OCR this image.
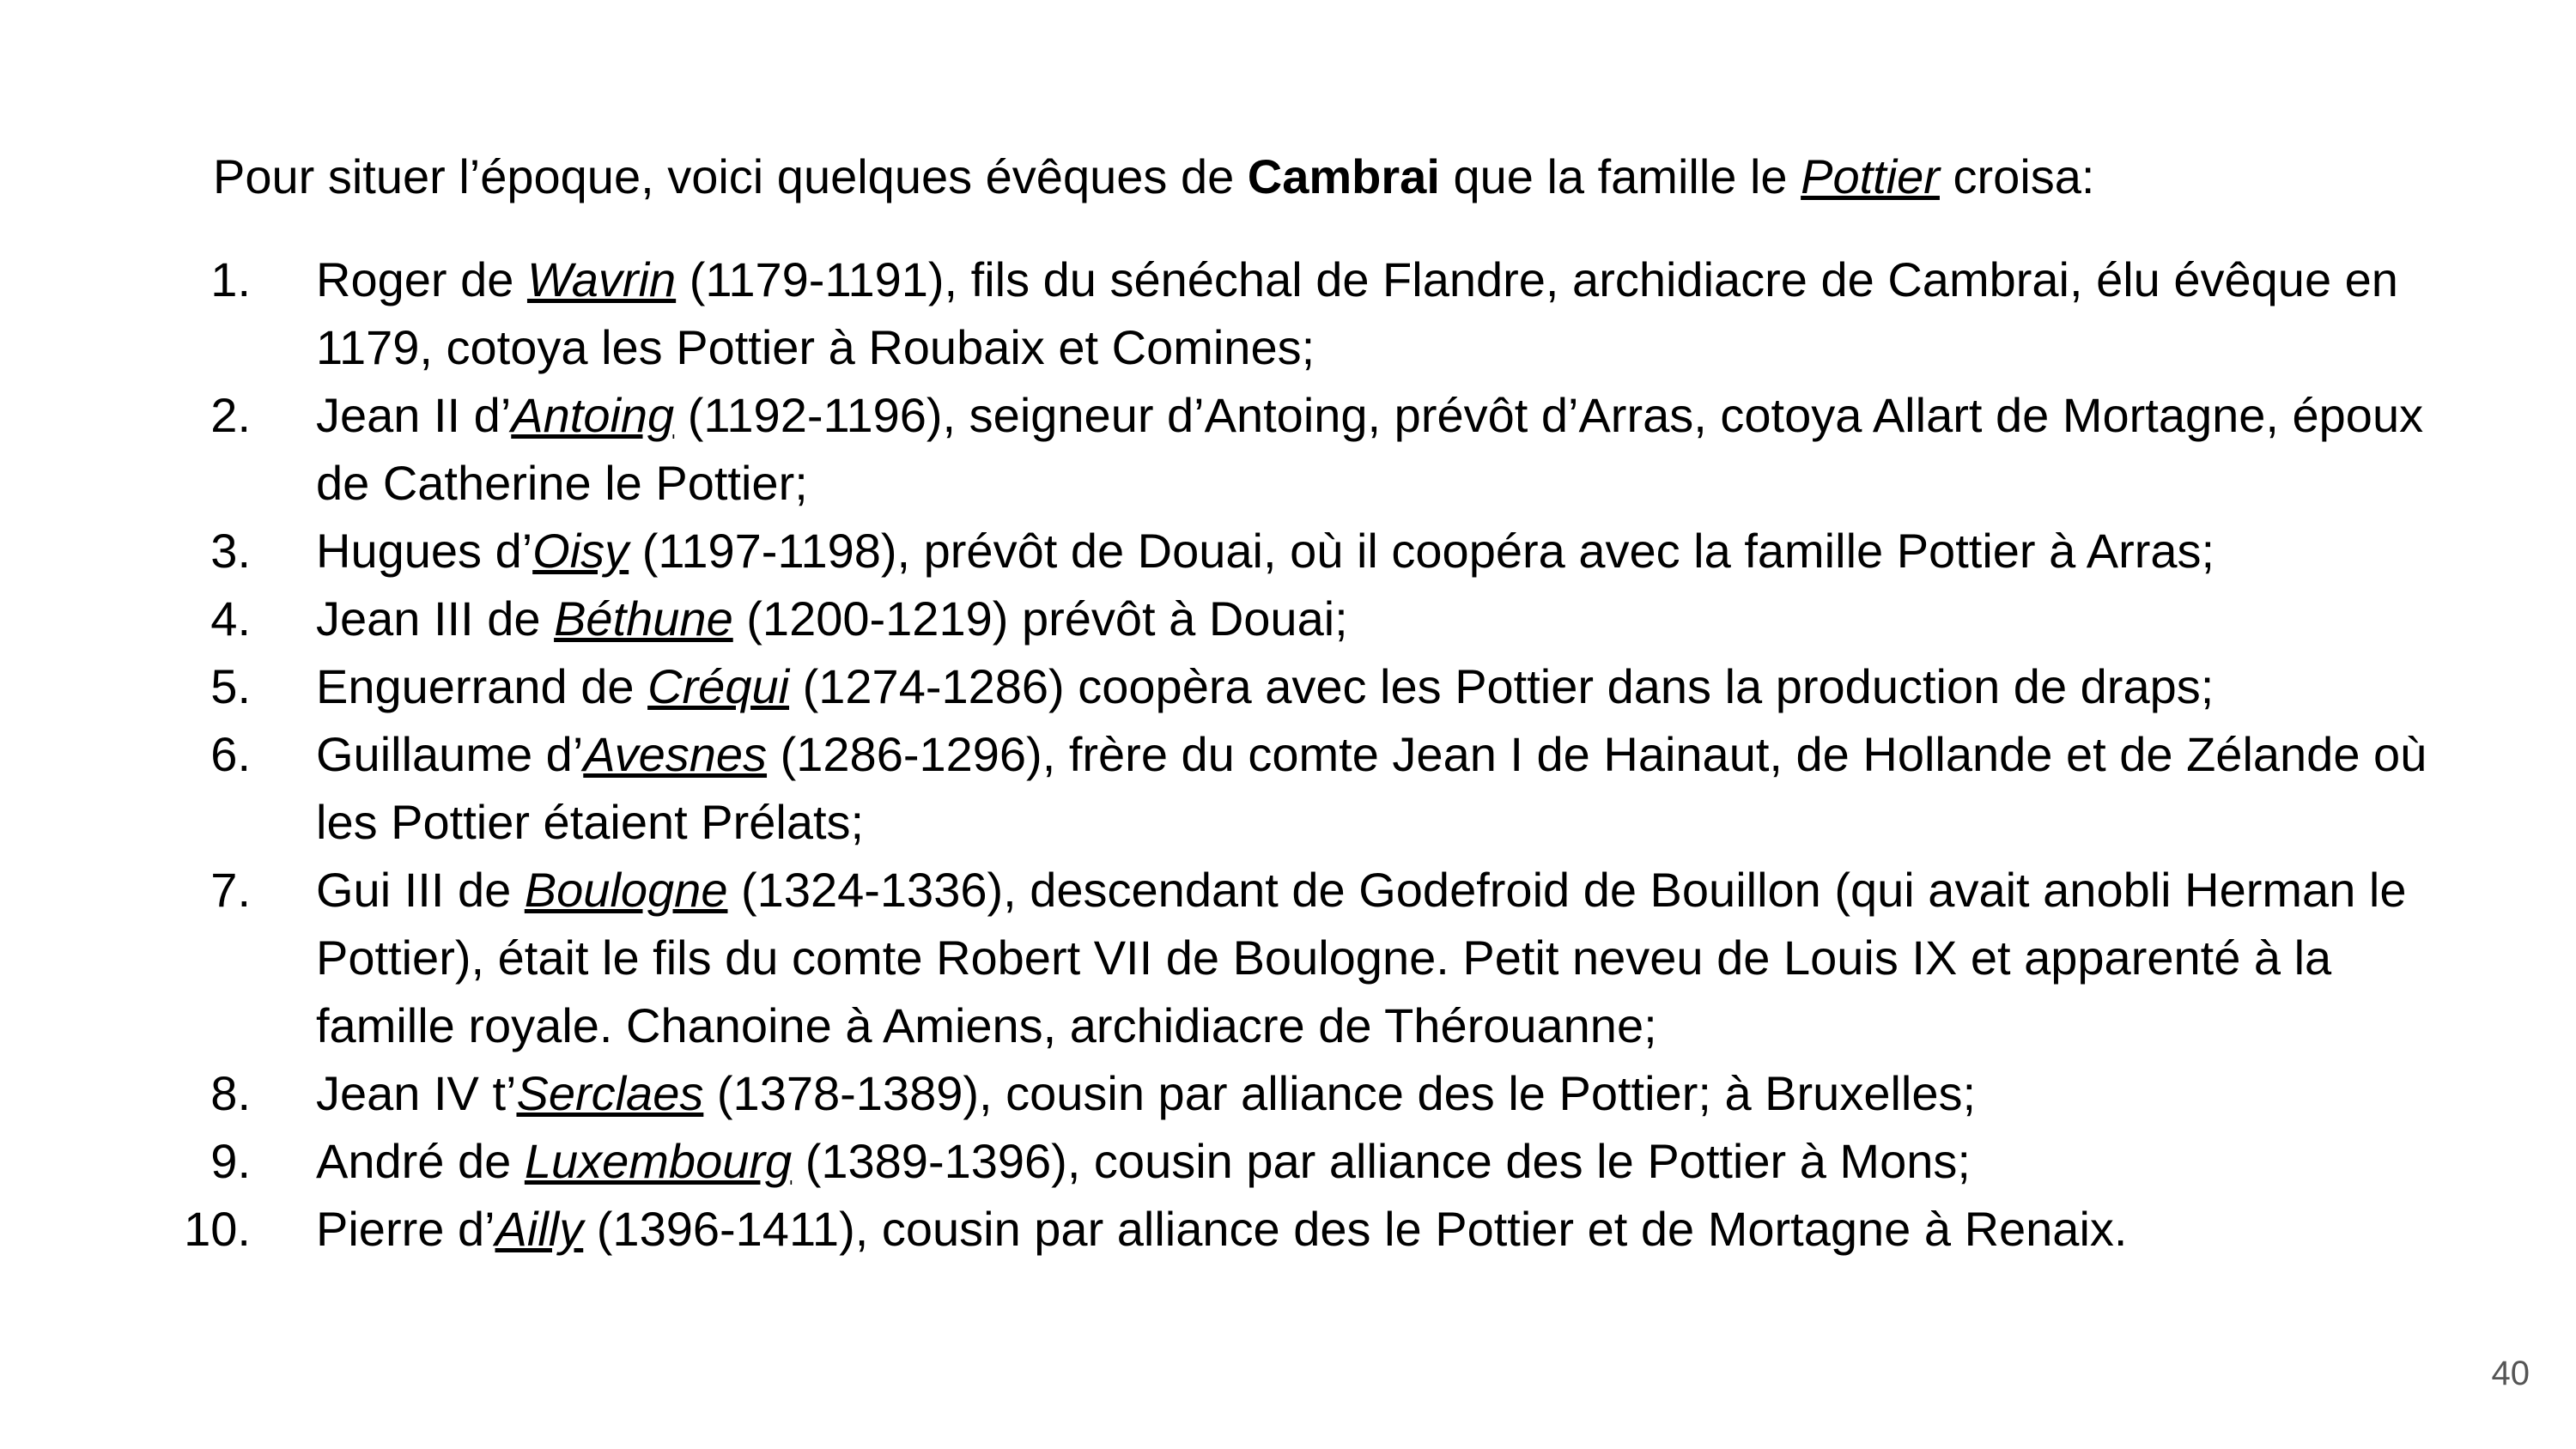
Pour situer l’époque, voici quelques évêques de Cambrai que la famille le Pottier croisa:
1. Roger de Wavrin (1179-1191), fils du sénéchal de Flandre, archidiacre de Cambrai, élu évêque en 1179, cotoya les Pottier à Roubaix et Comines;
2. Jean II d’Antoing (1192-1196), seigneur d’Antoing, prévôt d’Arras, cotoya Allart de Mortagne, époux de Catherine le Pottier;
3. Hugues d’Oisy (1197-1198), prévôt de Douai, où il coopéra avec la famille Pottier à Arras;
4. Jean III de Béthune (1200-1219) prévôt à Douai;
5. Enguerrand de Créqui (1274-1286) coopèra avec les Pottier dans la production de draps;
6. Guillaume d’Avesnes (1286-1296), frère du comte Jean I de Hainaut, de Hollande et de Zélande où les Pottier étaient Prélats;
7. Gui III de Boulogne (1324-1336), descendant de Godefroid de Bouillon (qui avait anobli Herman le Pottier), était le fils du comte Robert VII de Boulogne. Petit neveu de Louis IX et apparenté à la famille royale. Chanoine à Amiens, archidiacre de Thérouanne;
8. Jean IV t’Serclaes (1378-1389), cousin par alliance des le Pottier; à Bruxelles;
9. André de Luxembourg (1389-1396), cousin par alliance des le Pottier à Mons;
10. Pierre d’Ailly (1396-1411), cousin par alliance des le Pottier et de Mortagne à Renaix.
40
